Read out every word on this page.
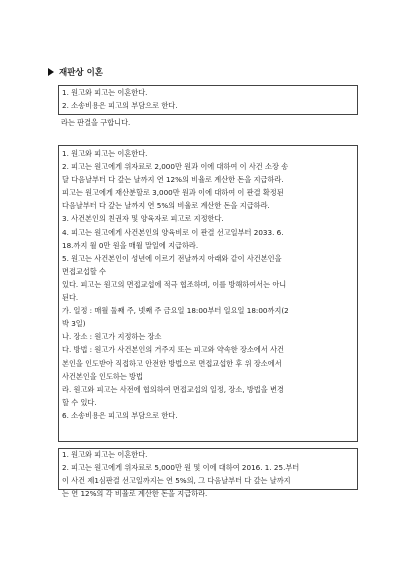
재판상 이혼

1. 원고와 피고는 이혼한다.

2. 소송비용은 피고의 부담으로 한다.

라는 판결을 구합니다.

1. 원고와 피고는 이혼한다.

2. 피고는 원고에게 위자료로 2,000만 원과 이에 대하여 이 사건 소장 송

달 다음날부터 다 갚는 날까지 연 12%의 비율로 계산한 돈을 지급하라.

피고는 원고에게 재산분할로 3,000만 원과 이에 대하여 이 판결 확정된

다음날부터 다 갚는 날까지 연 5%의 비율로 계산한 돈을 지급하라.

3. 사건본인의 친권자 및 양육자로 피고로 지정한다.

4. 피고는 원고에게 사건본인의 양육비로 이 판결 선고일부터 2033. 6.

18.까지 월 0만 원을 매월 말일에 지급하라.

5. 원고는 사건본인이 성년에 이르기 전날까지 아래와 같이 사건본인을

면접교섭할 수

있다. 피고는 원고의 면접교섭에 적극 협조하며, 이를 방해하여서는 아니

된다.

가. 일정 : 매월 둘째 주, 넷째 주 금요일 18:00부터 일요일 18:00까지(2

박 3일)

나. 장소 : 원고가 지정하는 장소

다. 방법 : 원고가 사건본인의 거주지 또는 피고와 약속한 장소에서 사건

본인을 인도받아 직접하고 안전한 방법으로 면접교섭한 후 위 장소에서

사건본인을 인도하는 방법

라. 원고와 피고는 사전에 협의하여 면접교섭의 일정, 장소, 방법을 변경

할 수 있다.

6. 소송비용은 피고의 부담으로 한다.

1. 원고와 피고는 이혼한다.

2. 피고는 원고에게 위자료로 5,000만 원 및 이에 대하여 2016. 1. 25.부터

이 사건 제1심판결 선고일까지는 연 5%의, 그 다음날부터 다 갚는 날까지

는 연 12%의 각 비율로 계산한 돈을 지급하라.
